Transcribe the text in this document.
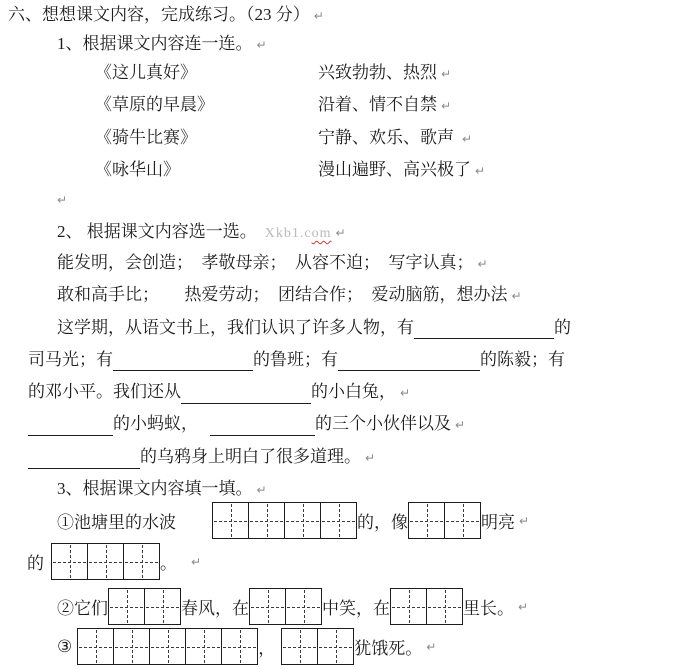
六、想想课文内容，完成练习。（23 分） ↵
1、根据课文内容连一连。 ↵
《这儿真好》	兴致勃勃、热烈 ↵
《草原的早晨》	沿着、情不自禁 ↵
《骑牛比赛》	宁静、欢乐、歌声 ↵
《咏华山》	漫山遍野、高兴极了 ↵
↵
2、 根据课文内容选一选。 Xkb1.com ↵
能发明，会创造；　孝敬母亲；　从容不迫；　写字认真； ↵
敢和高手比；　　热爱劳动；　团结合作；　爱动脑筋，想办法 ↵
这学期，从语文书上，我们认识了许多人物，有	的
司马光；有	的鲁班；有	的陈毅；有
的邓小平。我们还从	的小白兔， ↵
的小蚂蚁，	的三个小伙伴以及 ↵
的乌鸦身上明白了很多道理。 ↵
3、根据课文内容填一填。 ↵
①池塘里的水波	的，像	明亮 ↵
的	。 ↵
②它们	春风，在	中笑，在	里长。 ↵
③	，	犹饿死。 ↵
